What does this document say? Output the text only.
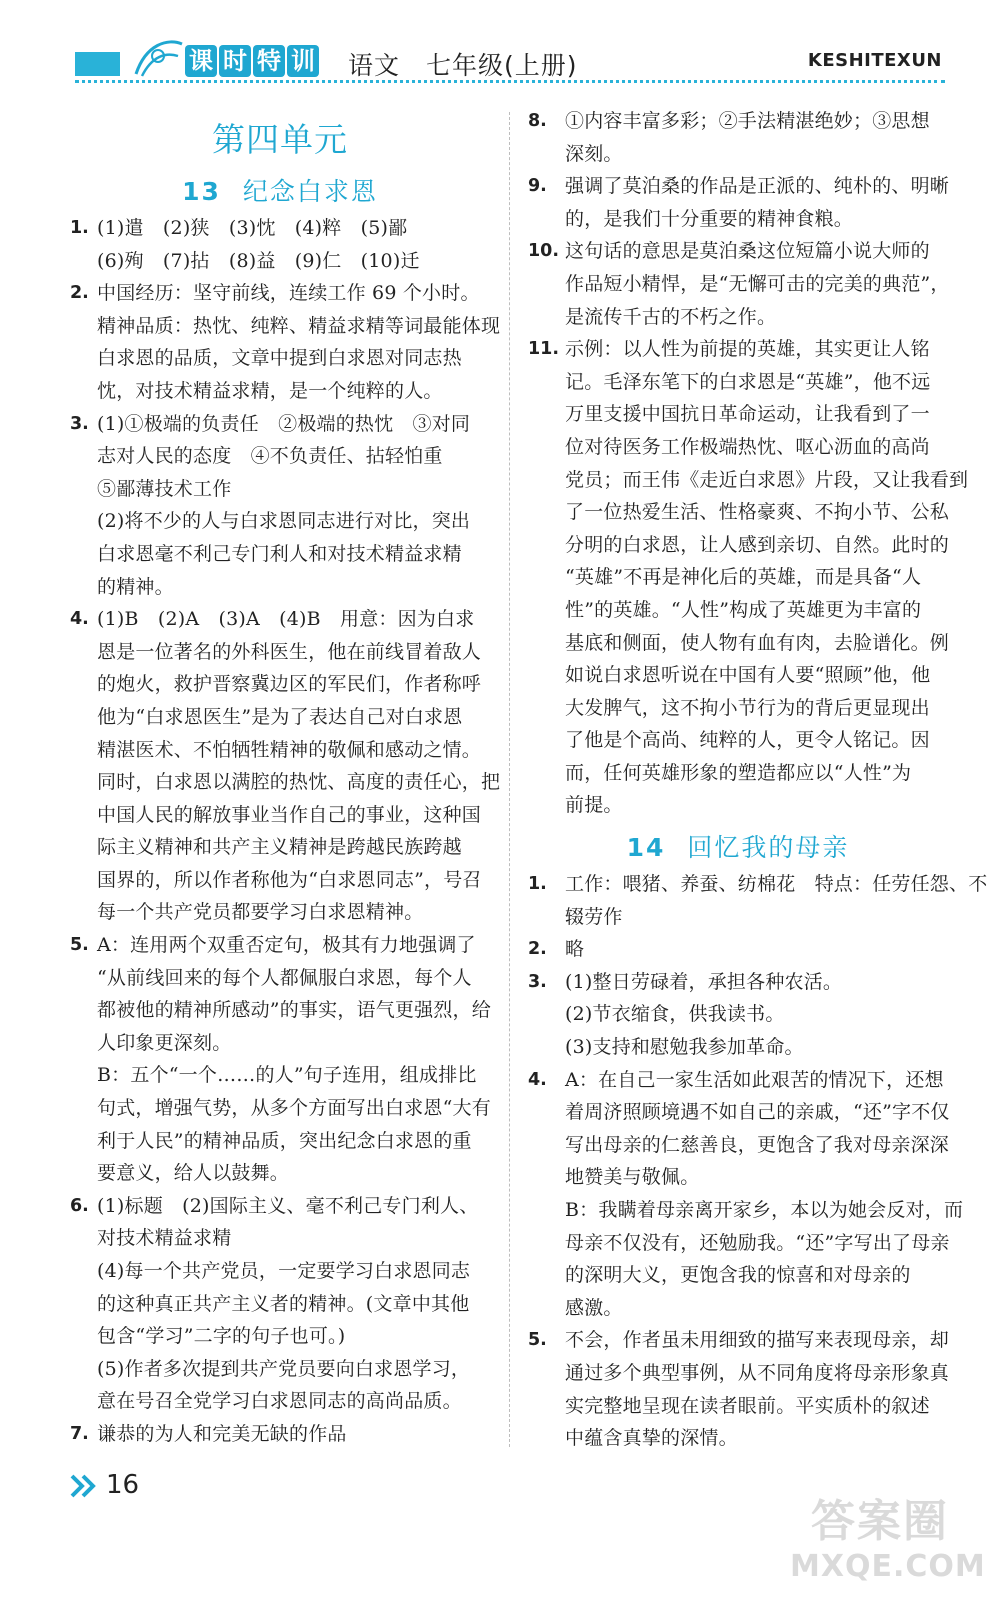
课 时 特 训 语文　七年级(上册)	KESHITEXUN
第四单元
13 纪念白求恩
1. (1)遣　(2)狭　(3)忱　(4)粹　(5)鄙
(6)殉　(7)拈　(8)益　(9)仁　(10)迁
2. 中国经历：坚守前线，连续工作 69 个小时。
精神品质：热忱、纯粹、精益求精等词最能体现
白求恩的品质，文章中提到白求恩对同志热
忱，对技术精益求精，是一个纯粹的人。
3. (1)①极端的负责任　②极端的热忱　③对同
志对人民的态度　④不负责任、拈轻怕重
⑤鄙薄技术工作
(2)将不少的人与白求恩同志进行对比，突出
白求恩毫不利己专门利人和对技术精益求精
的精神。
4. (1)B　(2)A　(3)A　(4)B　用意：因为白求
恩是一位著名的外科医生，他在前线冒着敌人
的炮火，救护晋察冀边区的军民们，作者称呼
他为“白求恩医生”是为了表达自己对白求恩
精湛医术、不怕牺牲精神的敬佩和感动之情。
同时，白求恩以满腔的热忱、高度的责任心，把
中国人民的解放事业当作自己的事业，这种国
际主义精神和共产主义精神是跨越民族跨越
国界的，所以作者称他为“白求恩同志”，号召
每一个共产党员都要学习白求恩精神。
5. A：连用两个双重否定句，极其有力地强调了
“从前线回来的每个人都佩服白求恩，每个人
都被他的精神所感动”的事实，语气更强烈，给
人印象更深刻。
B：五个“一个……的人”句子连用，组成排比
句式，增强气势，从多个方面写出白求恩“大有
利于人民”的精神品质，突出纪念白求恩的重
要意义，给人以鼓舞。
6. (1)标题　(2)国际主义、毫不利己专门利人、
对技术精益求精
(4)每一个共产党员，一定要学习白求恩同志
的这种真正共产主义者的精神。(文章中其他
包含“学习”二字的句子也可。)
(5)作者多次提到共产党员要向白求恩学习，
意在号召全党学习白求恩同志的高尚品质。
7. 谦恭的为人和完美无缺的作品
8. ①内容丰富多彩；②手法精湛绝妙；③思想
深刻。
9. 强调了莫泊桑的作品是正派的、纯朴的、明晰
的，是我们十分重要的精神食粮。
10. 这句话的意思是莫泊桑这位短篇小说大师的
作品短小精悍，是“无懈可击的完美的典范”，
是流传千古的不朽之作。
11. 示例：以人性为前提的英雄，其实更让人铭
记。毛泽东笔下的白求恩是“英雄”，他不远
万里支援中国抗日革命运动，让我看到了一
位对待医务工作极端热忱、呕心沥血的高尚
党员；而王伟《走近白求恩》片段，又让我看到
了一位热爱生活、性格豪爽、不拘小节、公私
分明的白求恩，让人感到亲切、自然。此时的
“英雄”不再是神化后的英雄，而是具备“人
性”的英雄。“人性”构成了英雄更为丰富的
基底和侧面，使人物有血有肉，去脸谱化。例
如说白求恩听说在中国有人要“照顾”他，他
大发脾气，这不拘小节行为的背后更显现出
了他是个高尚、纯粹的人，更令人铭记。因
而，任何英雄形象的塑造都应以“人性”为
前提。
14 回忆我的母亲
1. 工作：喂猪、养蚕、纺棉花　特点：任劳任怨、不
辍劳作
2. 略
3. (1)整日劳碌着，承担各种农活。
(2)节衣缩食，供我读书。
(3)支持和慰勉我参加革命。
4. A：在自己一家生活如此艰苦的情况下，还想
着周济照顾境遇不如自己的亲戚，“还”字不仅
写出母亲的仁慈善良，更饱含了我对母亲深深
地赞美与敬佩。
B：我瞒着母亲离开家乡，本以为她会反对，而
母亲不仅没有，还勉励我。“还”字写出了母亲
的深明大义，更饱含我的惊喜和对母亲的
感激。
5. 不会，作者虽未用细致的描写来表现母亲，却
通过多个典型事例，从不同角度将母亲形象真
实完整地呈现在读者眼前。平实质朴的叙述
中蕴含真挚的深情。
16
答案圈
MXQE.COM
